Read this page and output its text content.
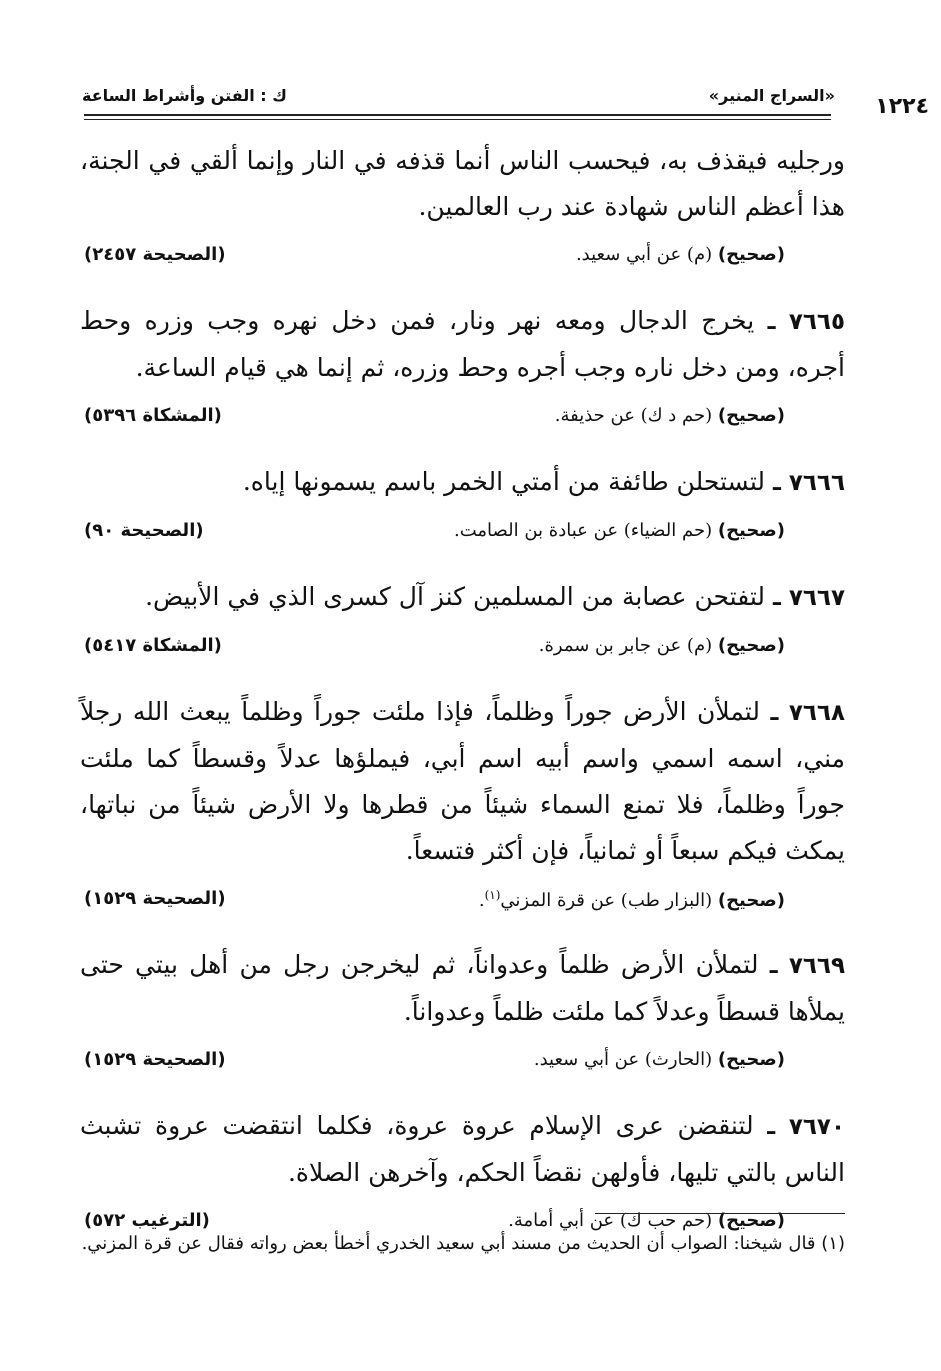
١٢٢٤
«السراج المنير»
ك : الفتن وأشراط الساعة

ورجليه فيقذف به، فيحسب الناس أنما قذفه في النار وإنما ألقي في الجنة، هذا أعظم الناس شهادة عند رب العالمين.

(صحيح) (م) عن أبي سعيد.
(الصحيحة ٢٤٥٧)

٧٦٦٥ ـ يخرج الدجال ومعه نهر ونار، فمن دخل نهره وجب وزره وحط أجره، ومن دخل ناره وجب أجره وحط وزره، ثم إنما هي قيام الساعة.

(صحيح) (حم د ك) عن حذيفة.
(المشكاة ٥٣٩٦)

٧٦٦٦ ـ لتستحلن طائفة من أمتي الخمر باسم يسمونها إياه.

(صحيح) (حم الضياء) عن عبادة بن الصامت.
(الصحيحة ٩٠)

٧٦٦٧ ـ لتفتحن عصابة من المسلمين كنز آل كسرى الذي في الأبيض.

(صحيح) (م) عن جابر بن سمرة.
(المشكاة ٥٤١٧)

٧٦٦٨ ـ لتملأن الأرض جوراً وظلماً، فإذا ملئت جوراً وظلماً يبعث الله رجلاً مني، اسمه اسمي واسم أبيه اسم أبي، فيملؤها عدلاً وقسطاً كما ملئت جوراً وظلماً، فلا تمنع السماء شيئاً من قطرها ولا الأرض شيئاً من نباتها، يمكث فيكم سبعاً أو ثمانياً، فإن أكثر فتسعاً.

(صحيح) (البزار طب) عن قرة المزني$^{(١)}$.
(الصحيحة ١٥٢٩)

٧٦٦٩ ـ لتملأن الأرض ظلماً وعدواناً، ثم ليخرجن رجل من أهل بيتي حتى يملأها قسطاً وعدلاً كما ملئت ظلماً وعدواناً.

(صحيح) (الحارث) عن أبي سعيد.
(الصحيحة ١٥٢٩)

٧٦٧٠ ـ لتنقضن عرى الإسلام عروة عروة، فكلما انتقضت عروة تشبث الناس بالتي تليها، فأولهن نقضاً الحكم، وآخرهن الصلاة.

(صحيح) (حم حب ك) عن أبي أمامة.
(الترغيب ٥٧٢)

(١) قال شيخنا: الصواب أن الحديث من مسند أبي سعيد الخدري أخطأ بعض رواته فقال عن قرة المزني.
